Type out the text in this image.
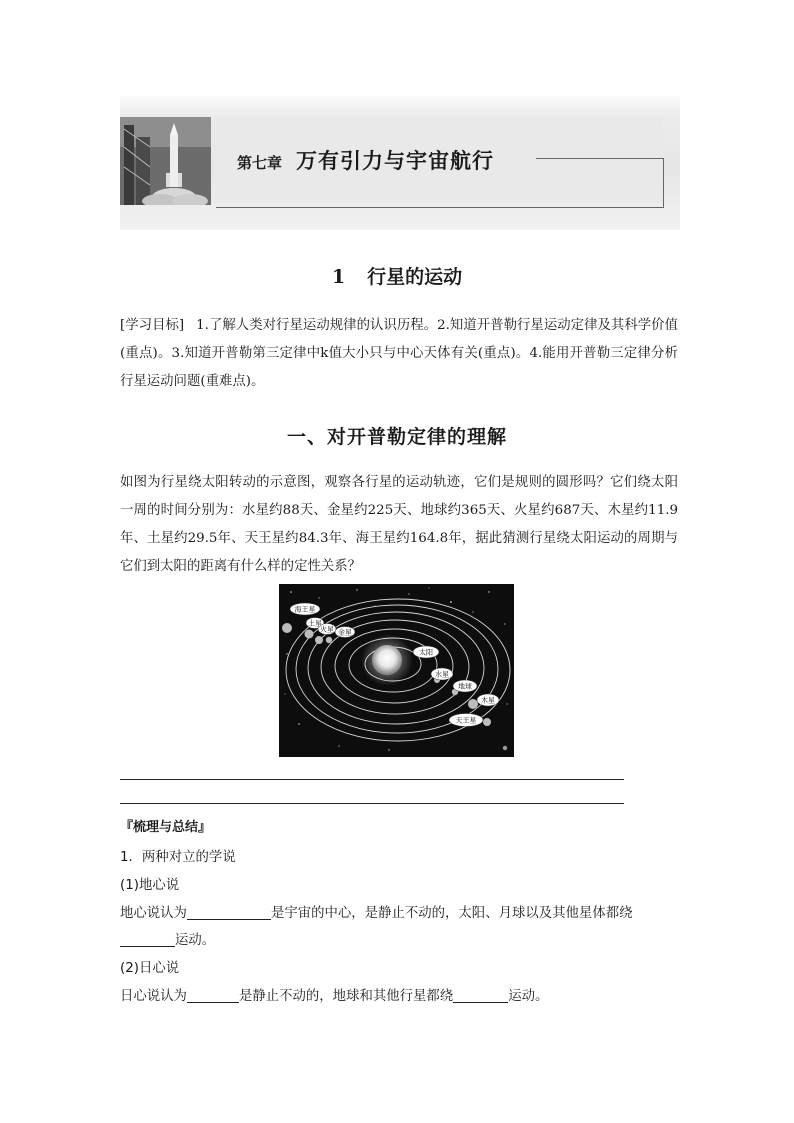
第七章 万有引力与宇宙航行
1 行星的运动

[学习目标] 1.了解人类对行星运动规律的认识历程。2.知道开普勒行星运动定律及其科学价值(重点)。3.知道开普勒第三定律中k值大小只与中心天体有关(重点)。4.能用开普勒三定律分析行星运动问题(重难点)。

一、对开普勒定律的理解

如图为行星绕太阳转动的示意图，观察各行星的运动轨迹，它们是规则的圆形吗？它们绕太阳一周的时间分别为：水星约88天、金星约225天、地球约365天、火星约687天、木星约11.9年、土星约29.5年、天王星约84.3年、海王星约164.8年，据此猜测行星绕太阳运动的周期与它们到太阳的距离有什么样的定性关系？

海王星
土星
火星 金星
太阳
水星
地球
木星
天王星
『梳理与总结』
1．两种对立的学说
(1)地心说
地心说认为	是宇宙的中心，是静止不动的，太阳、月球以及其他星体都绕
运动。
(2)日心说
日心说认为	是静止不动的，地球和其他行星都绕	运动。
